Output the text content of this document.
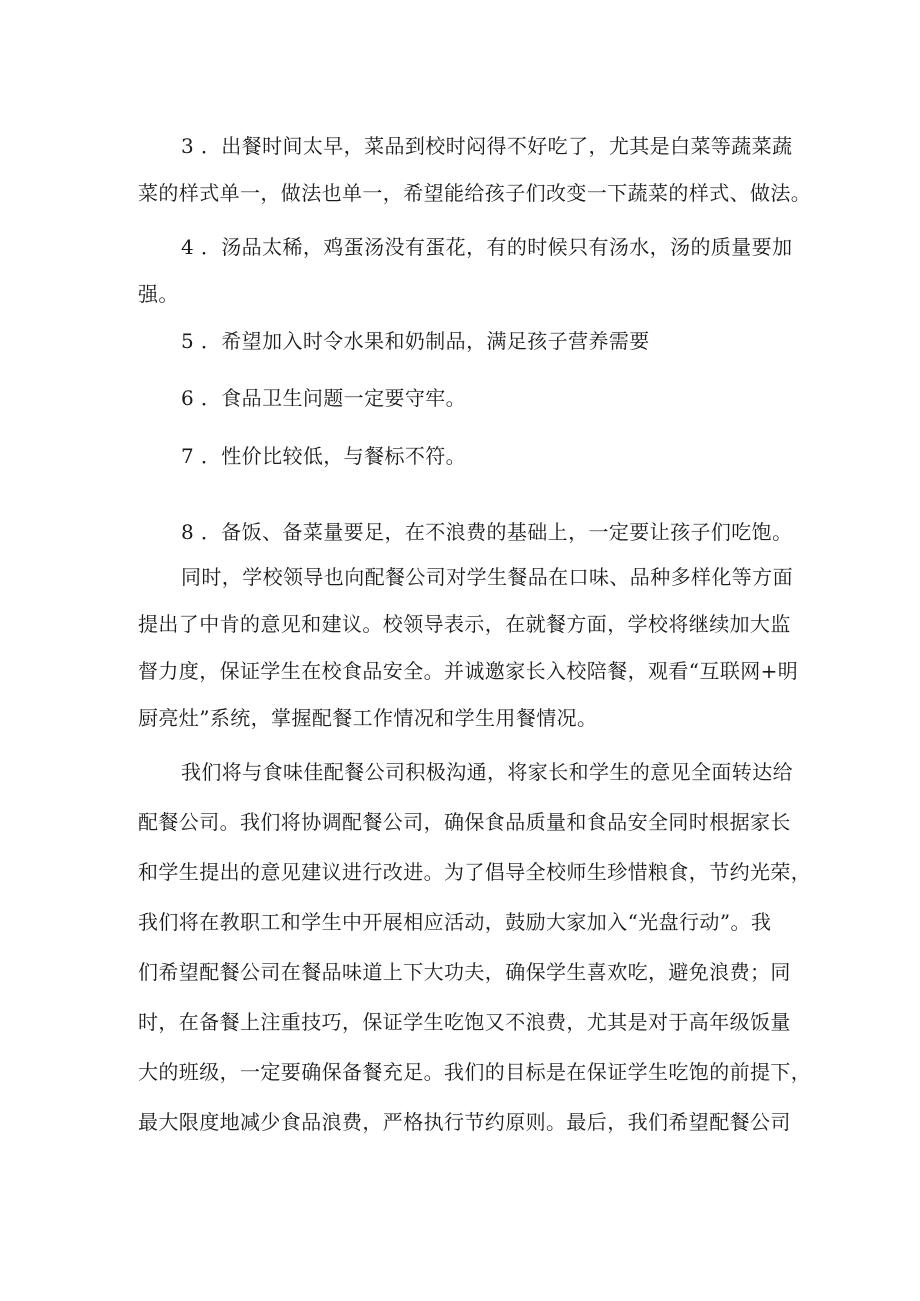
3 ．出餐时间太早，菜品到校时闷得不好吃了，尤其是白菜等蔬菜蔬
菜的样式单一，做法也单一，希望能给孩子们改变一下蔬菜的样式、做法。
4 ．汤品太稀，鸡蛋汤没有蛋花，有的时候只有汤水，汤的质量要加
强。
5 ．希望加入时令水果和奶制品，满足孩子营养需要
6 ．食品卫生问题一定要守牢。
7 ．性价比较低，与餐标不符。
8 ．备饭、备菜量要足，在不浪费的基础上，一定要让孩子们吃饱。
同时，学校领导也向配餐公司对学生餐品在口味、品种多样化等方面
提出了中肯的意见和建议。校领导表示，在就餐方面，学校将继续加大监
督力度，保证学生在校食品安全。并诚邀家长入校陪餐，观看“互联网+明
厨亮灶”系统，掌握配餐工作情况和学生用餐情况。
我们将与食味佳配餐公司积极沟通，将家长和学生的意见全面转达给
配餐公司。我们将协调配餐公司，确保食品质量和食品安全同时根据家长
和学生提出的意见建议进行改进。为了倡导全校师生珍惜粮食，节约光荣，
我们将在教职工和学生中开展相应活动，鼓励大家加入“光盘行动”。我
们希望配餐公司在餐品味道上下大功夫，确保学生喜欢吃，避免浪费；同
时，在备餐上注重技巧，保证学生吃饱又不浪费，尤其是对于高年级饭量
大的班级，一定要确保备餐充足。我们的目标是在保证学生吃饱的前提下，
最大限度地减少食品浪费，严格执行节约原则。最后，我们希望配餐公司
